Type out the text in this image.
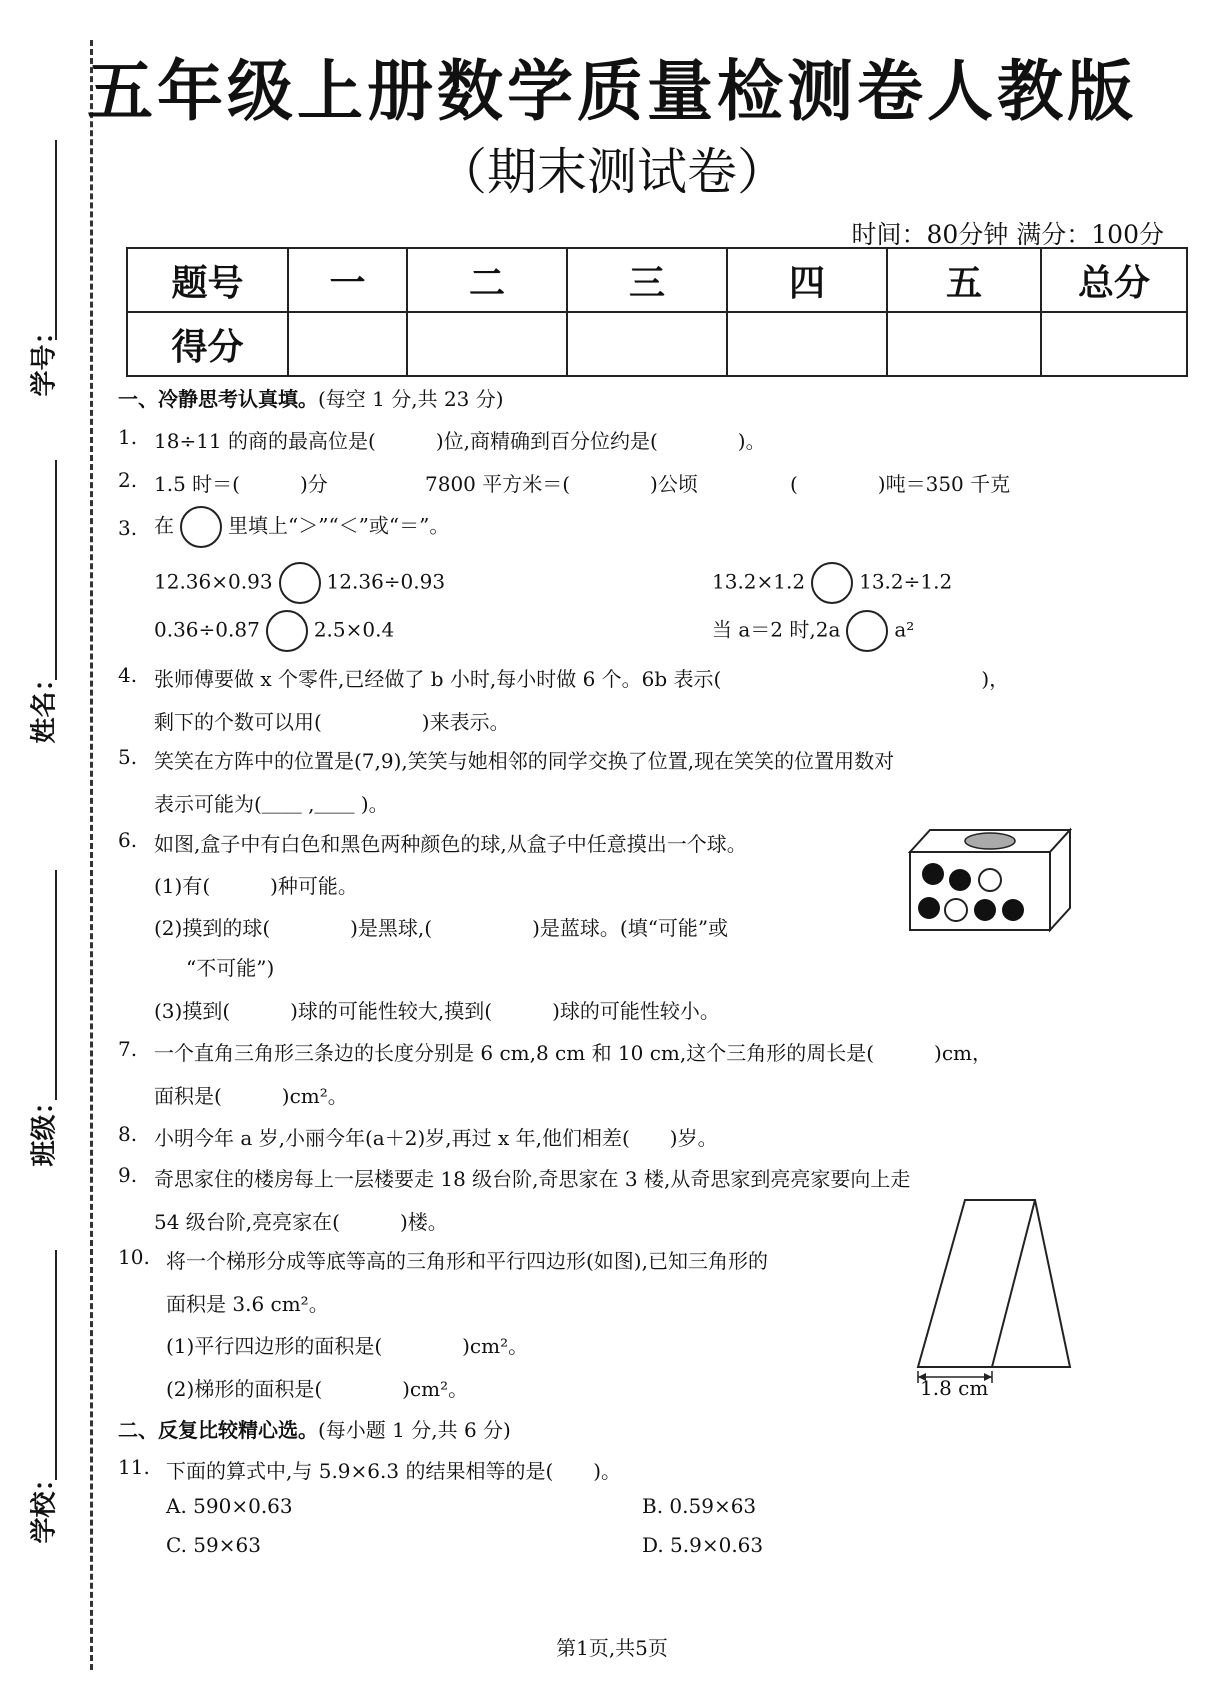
学号：
姓名：
班级：
学校：
五年级上册数学质量检测卷人教版
（期末测试卷）
时间：80分钟 满分：100分
题号	一	二	三	四	五	总分
得分						
一、冷静思考认真填。(每空 1 分,共 23 分)
1. 18÷11 的商的最高位是(　　　)位,商精确到百分位约是(　　　　)。
2. 1.5 时＝(　　　)分	7800 平方米＝(　　　　)公顷	(　　　　)吨＝350 千克
3. 在	里填上“＞”“＜”或“＝”。
12.36×0.93	12.36÷0.93	13.2×1.2	13.2÷1.2
0.36÷0.87	2.5×0.4	当 a＝2 时,2a	a²
4. 张师傅要做 x 个零件,已经做了 b 小时,每小时做 6 个。6b 表示(　　　　　　　　　　　　　)，
剩下的个数可以用(　　　　　)来表示。
5. 笑笑在方阵中的位置是(7,9),笑笑与她相邻的同学交换了位置,现在笑笑的位置用数对
表示可能为(＿＿ ,＿＿ )。
6. 如图,盒子中有白色和黑色两种颜色的球,从盒子中任意摸出一个球。
(1)有(　　　)种可能。
(2)摸到的球(　　　　)是黑球,(　　　　　)是蓝球。(填“可能”或
“不可能”)
(3)摸到(　　　)球的可能性较大,摸到(　　　)球的可能性较小。
7. 一个直角三角形三条边的长度分别是 6 cm,8 cm 和 10 cm,这个三角形的周长是(　　　)cm，
面积是(　　　)cm²。
8. 小明今年 a 岁,小丽今年(a＋2)岁,再过 x 年,他们相差(　　)岁。
9. 奇思家住的楼房每上一层楼要走 18 级台阶,奇思家在 3 楼,从奇思家到亮亮家要向上走
54 级台阶,亮亮家在(　　　)楼。
10. 将一个梯形分成等底等高的三角形和平行四边形(如图),已知三角形的
面积是 3.6 cm²。
(1)平行四边形的面积是(　　　　)cm²。
(2)梯形的面积是(　　　　)cm²。	1.8 cm
二、反复比较精心选。(每小题 1 分,共 6 分)
11. 下面的算式中,与 5.9×6.3 的结果相等的是(　　)。
A. 590×0.63	B. 0.59×63
C. 59×63	D. 5.9×0.63
第1页,共5页
